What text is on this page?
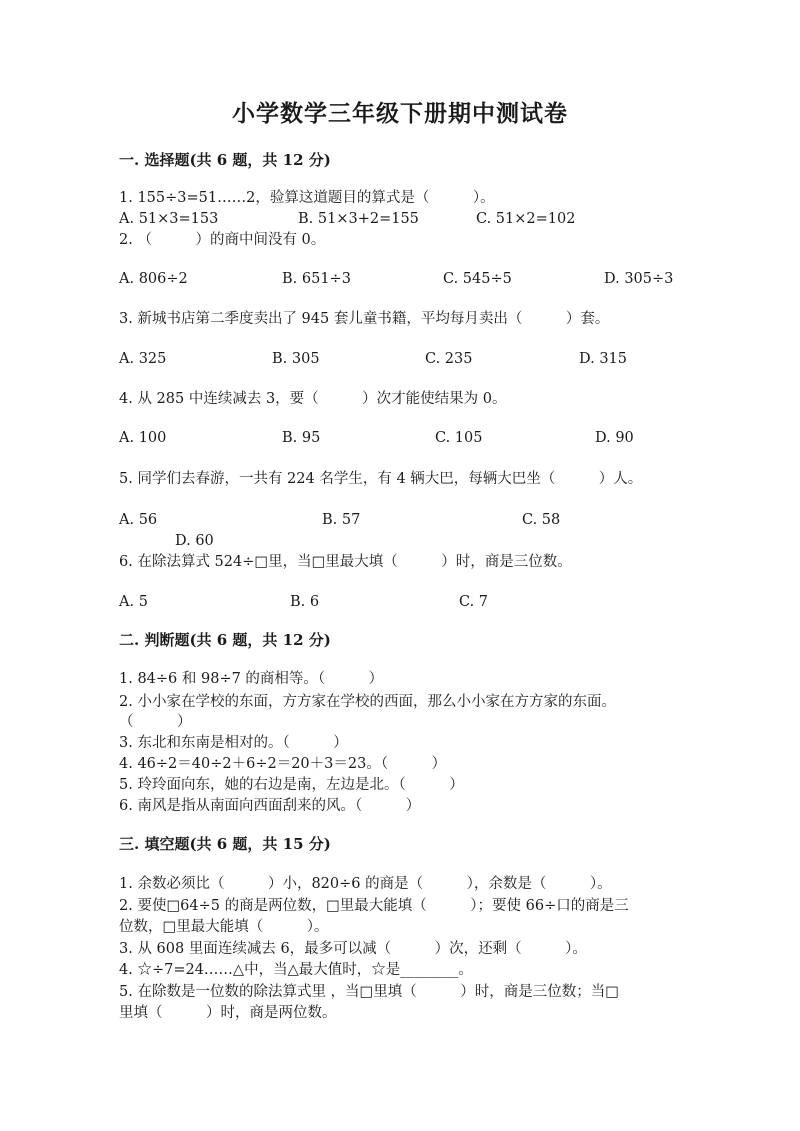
小学数学三年级下册期中测试卷
一. 选择题(共 6 题，共 12 分)
1. 155÷3=51……2，验算这道题目的算式是（　　　）。
A. 51×3=153	B. 51×3+2=155	C. 51×2=102
2. （　　　）的商中间没有 0。
A. 806÷2	B. 651÷3	C. 545÷5	D. 305÷3
3. 新城书店第二季度卖出了 945 套儿童书籍，平均每月卖出（　　　）套。
A. 325	B. 305	C. 235	D. 315
4. 从 285 中连续减去 3，要（　　　）次才能使结果为 0。
A. 100	B. 95	C. 105	D. 90
5. 同学们去春游，一共有 224 名学生，有 4 辆大巴，每辆大巴坐（　　　）人。
A. 56	B. 57	C. 58
D. 60
6. 在除法算式 524÷□里，当□里最大填（　　　）时，商是三位数。
A. 5	B. 6	C. 7
二. 判断题(共 6 题，共 12 分)
1. 84÷6 和 98÷7 的商相等。（　　　）
2. 小小家在学校的东面，方方家在学校的西面，那么小小家在方方家的东面。
（　　　）
3. 东北和东南是相对的。（　　　）
4. 46÷2＝40÷2＋6÷2＝20＋3＝23。（　　　）
5. 玲玲面向东，她的右边是南，左边是北。（　　　）
6. 南风是指从南面向西面刮来的风。（　　　）
三. 填空题(共 6 题，共 15 分)
1. 余数必须比（　　　）小，820÷6 的商是（　　　），余数是（　　　）。
2. 要使□64÷5 的商是两位数，□里最大能填（　　　）；要使 66÷口的商是三
位数，□里最大能填（　　　）。
3. 从 608 里面连续减去 6，最多可以减（　　　）次，还剩（　　　）。
4. ☆÷7=24……△中，当△最大值时，☆是________。
5. 在除数是一位数的除法算式里 ，当□里填（　　　）时，商是三位数；当□
里填（　　　）时，商是两位数。
